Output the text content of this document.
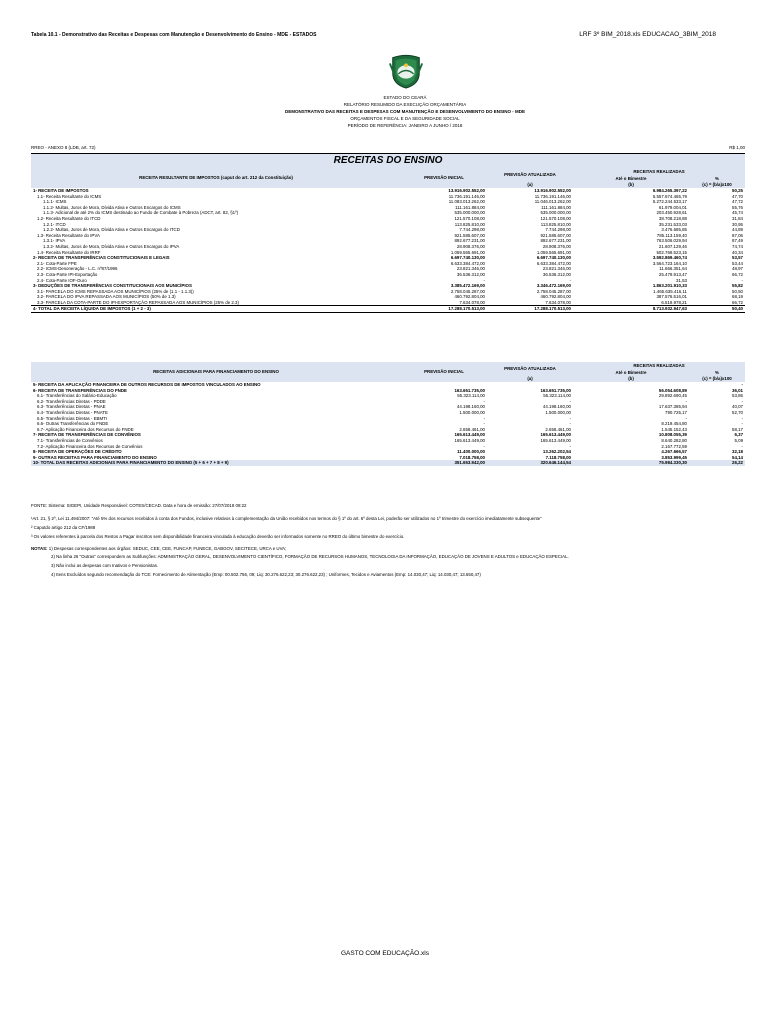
Tabela 10.1 - Demonstrativo das Receitas e Despesas com Manutenção e Desenvolvimento do Ensino - MDE - ESTADOS	LRF 3º BIM_2018.xls EDUCACAO_3BIM_2018
ESTADO DO CEARÁ
RELATÓRIO RESUMIDO DA EXECUÇÃO ORÇAMENTÁRIA
DEMONSTRATIVO DAS RECEITAS E DESPESAS COM MANUTENÇÃO E DESENVOLVIMENTO DO ENSINO - MDE
ORÇAMENTOS FISCAL E DA SEGURIDADE SOCIAL
PERÍODO DE REFERÊNCIA: JANEIRO A JUNHO / 2018
RREO - ANEXO 8 (LDB, art. 72)	R$ 1,00
RECEITAS DO ENSINO
RECEITA RESULTANTE DE IMPOSTOS (caput do art. 212 da Constituição)	PREVISÃO INICIAL	PREVISÃO ATUALIZADA	RECEITAS REALIZADAS	
			Até o Bimestre	%
		(a)	(b)	(c) = (b/a)x100
1- RECEITA DE IMPOSTOS	13.916.902.552,00	13.916.902.552,00	6.984.265.397,22	50,25
1.1- Receita Resultante do ICMS	11.736.191.146,00	11.736.191.146,00	5.557.674.465,79	47,70
1.1.1- ICMS	11.083.013.262,00	11.046.013.262,00	5.272.244.533,17	47,72
1.1.2- Multas, Juros de Mora, Dívida Ativa e Outros Encargos do ICMS	111.161.884,00	111.161.884,00	61.979.004,01	55,76
1.1.3- Adicional de até 2% do ICMS destinado ao Fundo de Combate à Pobreza (ADCT, art. 82, §1º)	535.000.000,00	535.000.000,00	203.450.928,61	45,74
1.2- Receita Resultante do ITCD	121.570.108,00	121.570.108,00	38.708.218,88	31,84
1.2.1- ITCD	113.825.810,00	113.825.810,00	35.231.533,03	30,95
1.2.2- Multas, Juros de Mora, Dívida Ativa e Outros Encargos do ITCD	7.744.298,00	7.744.298,00	3.476.685,85	44,89
1.3- Receita Resultante do IPVA	921.585.607,00	921.585.607,00	785.113.159,40	87,06
1.3.1- IPVA	892.677.231,00	892.677.231,00	763.506.029,94	87,49
1.3.2- Multas, Juros de Mora, Dívida Ativa e Outros Encargos do IPVA	28.908.376,00	28.908.376,00	21.607.129,46	74,74
1.4- Receita Resultante do IRRF	1.059.565.691,00	1.059.565.691,00	502.769.523,15	40,34
2- RECEITA DE TRANSFERÊNCIAS CONSTITUCIONAIS E LEGAIS	6.697.740.130,00	6.697.740.130,00	3.592.869.460,74	53,57
2.1- Cota-Parte FPE	6.633.384.472,00	6.633.384.472,00	3.564.723.164,10	53,44
2.2- ICMS-Desoneração - L.C. nº87/1996	23.821.346,00	23.821.346,00	11.666.351,64	48,97
2.3- Cota-Parte IPI-Exportação	36.536.312,00	36.536.312,00	25.479.913,47	66,72
2.4- Cota-Parte IOF-Ouro	-	-	31,53	-
3- DEDUÇÕES DE TRANSFERÊNCIAS CONSTITUCIONAIS AOS MUNICÍPIOS	3.385.472.169,00	3.346.472.169,00	1.863.201.910,33	55,82
3.1- PARCELA DO ICMS REPASSADA AOS MUNICÍPIOS (25% de (1.1 - 1.1.3))	2.758.045.287,00	2.758.045.287,00	1.465.635.416,11	50,50
3.2- PARCELA DO IPVA REPASSADA AOS MUNICÍPIOS (50% de 1.3)	460.792.804,00	460.792.804,00	387.576.516,01	68,19
3.3- PARCELA DA COTA-PARTE DO IPI-EXPORTAÇÃO REPASSADA AOS MUNICÍPIOS (25% de 2.3)	7.634.078,00	7.634.078,00	6.519.978,21	66,72
4- TOTAL DA RECEITA LÍQUIDA DE IMPOSTOS (1 + 2 - 3)	17.288.170.513,00	17.288.170.513,00	8.713.932.947,63	50,40
RECEITAS ADICIONAIS PARA FINANCIAMENTO DO ENSINO	PREVISÃO INICIAL	PREVISÃO ATUALIZADA	RECEITAS REALIZADAS	
			Até o Bimestre	%
		(a)	(b)	(c) = (b/a)x100
5- RECEITA DA APLICAÇÃO FINANCEIRA DE OUTROS RECURSOS DE IMPOSTOS VINCULADOS AO ENSINO				-
6- RECEITA DE TRANSFERÊNCIAS DO FNDE	163.651.735,00	163.651.735,00	56.054.608,89	36,01
6.1- Transferências do Salário-Educação	55.323.114,00	55.323.114,00	29.892.690,45	53,86
6.2- Transferências Diretas - PDDE	-	-	-	-
6.3- Transferências Diretas - PNAE	44.198.160,00	44.198.160,00	17.637.385,94	40,07
6.4- Transferências Diretas - PNATE	1.500.000,00	1.500.000,00	790.725,17	52,70
6.5- Transferências Diretas - EBMTI	-	-	-	-
6.6- Outras Transferências do FNDE	-	-	8.219.454,80	-
6.7- Aplicação Financeira dos Recursos do FNDE	2.658.461,00	2.658.461,00	1.545.152,43	58,17
7- RECEITA DE TRANSFERÊNCIAS DE CONVÊNIOS	165.613.449,00	165.613.449,00	10.808.055,39	6,37
7.1- Transferências de Convênios	165.613.449,00	165.613.449,00	8.640.282,80	5,09
7.2- Aplicação Financeira dos Recursos de Convênios	-	-	2.167.772,59	-
8- RECEITA DE OPERAÇÕES DE CRÉDITO	11.400.000,00	13.262.202,54	4.267.666,57	32,18
9- OUTRAS RECEITAS PARA FINANCIAMENTO DO ENSINO	7.018.758,00	7.118.758,00	3.853.999,45	54,14
10- TOTAL DAS RECEITAS ADICIONAIS PARA FINANCIAMENTO DO ENSINO (5 + 6 + 7 + 8 + 9)	351.653.942,00	320.646.144,54	75.984.330,30	26,22
FONTE: Sistema: SIGEPI, Unidade Responsável: COTES/CECAD. Data e hora de emissão: 27/07/2018 08:22
¹Art. 21, § 2º, Lei 11.494/2007: "Até 5% dos recursos recebidos à conta dos Fundos, inclusive relativos à complementação da União recebidos nos termos do § 1º do art. 6º desta Lei, poderão ser utilizados no 1º trimestre do exercício imediatamente subsequente"
² Caputdo artigo 212 da CF/1988
³ Os valores referentes à parcela dos Restos a Pagar inscritos sem disponibilidade financeira vinculada à educação deverão ser informados somente no RREO do último bimestre do exercício.
NOTAS: 1) Despesas correspondentes aos órgãos: SEDUC, CEE, CEE, FUNCAP, FUNECE, GABGOV, SECITECE, URCA e UVA;
2) Na linha 26 "Outras" correspondem as Subfunções: ADMINISTRAÇÃO GERAL, DESENVOLVIMENTO CIENTÍFICO, FORMAÇÃO DE RECURSOS HUMANOS, TECNOLOGIA DA INFORMAÇÃO, EDUCAÇÃO DE JOVENS E ADULTOS e EDUCAÇÃO ESPECIAL.
3) Não inclui as despesas com Inativos e Pensionistas.
4) Itens Excluídos segundo recomendação do TCE: Fornecimento de Alimentação (Emp: 00.502.756, 09; Liq: 30.276.622,23; 30.276.622,23) ; Uniformes, Tecidos e Aviamentos (Emp: 14.030,47; Liq: 14.030,47; 13.650,47)
GASTO COM EDUCAÇÃO.xls
